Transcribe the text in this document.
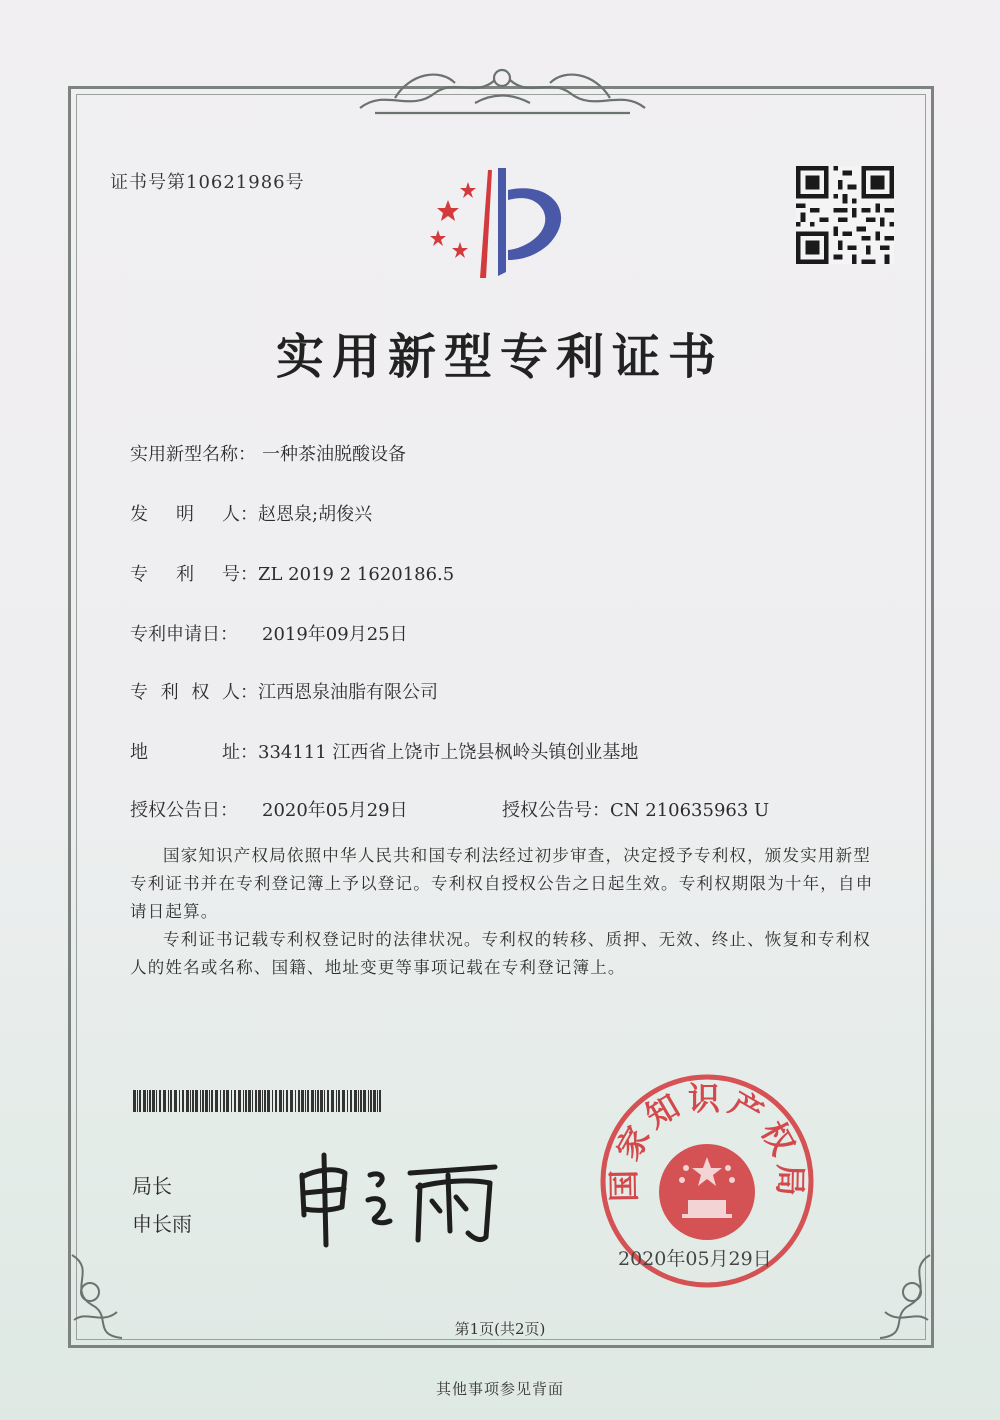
证书号第10621986号
实用新型专利证书
实用新型名称： 一种茶油脱酸设备
发 明 人 ：赵恩泉;胡俊兴
专 利 号 ：ZL 2019 2 1620186.5
专利申请日： 2019年09月25日
专 利 权 人 ：江西恩泉油脂有限公司
地	址 ：334111 江西省上饶市上饶县枫岭头镇创业基地
授权公告日： 2020年05月29日	授权公告号：CN 210635963 U
国家知识产权局依照中华人民共和国专利法经过初步审查，决定授予专利权，颁发实用新型专利证书并在专利登记簿上予以登记。专利权自授权公告之日起生效。专利权期限为十年，自申请日起算。
专利证书记载专利权登记时的法律状况。专利权的转移、质押、无效、终止、恢复和专利权人的姓名或名称、国籍、地址变更等事项记载在专利登记簿上。
局长
申长雨
国家知识产权局
2020年05月29日
第1页(共2页)
其他事项参见背面
